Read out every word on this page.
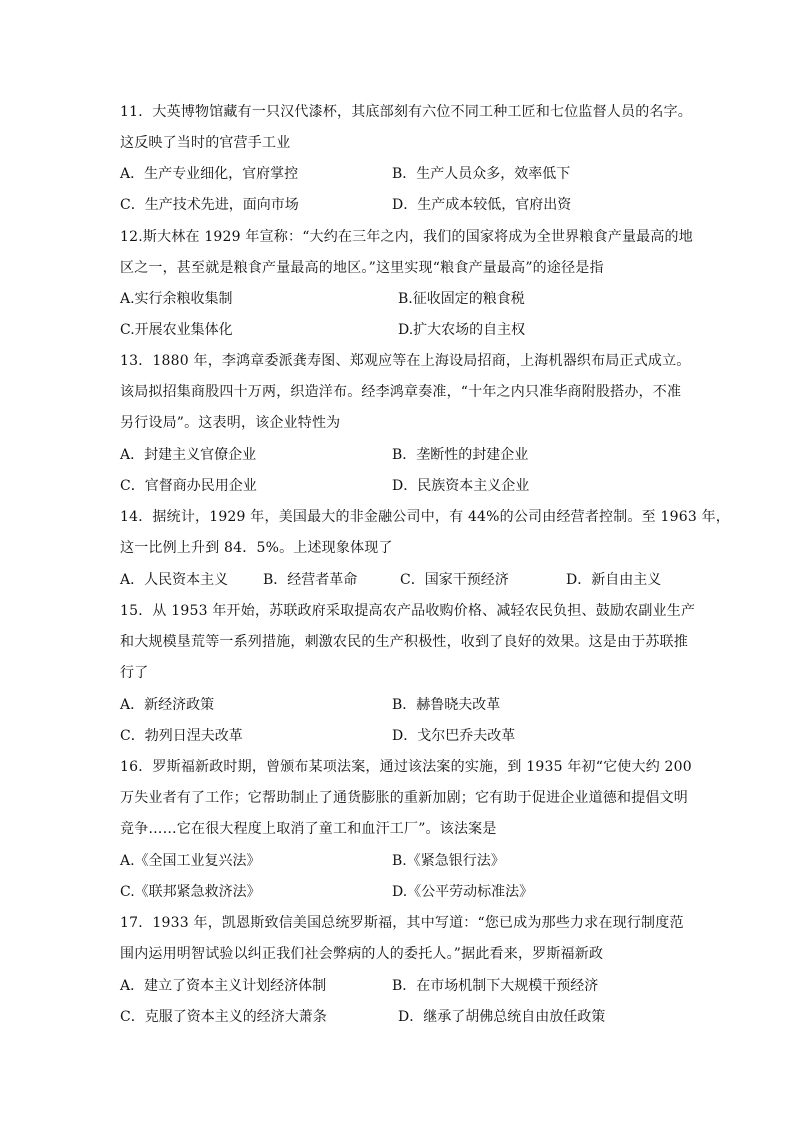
11．大英博物馆藏有一只汉代漆杯，其底部刻有六位不同工种工匠和七位监督人员的名字。
这反映了当时的官营手工业
A．生产专业细化，官府掌控	B．生产人员众多，效率低下
C．生产技术先进，面向市场	D．生产成本较低，官府出资
12.斯大林在 1929 年宣称：“大约在三年之内，我们的国家将成为全世界粮食产量最高的地
区之一，甚至就是粮食产量最高的地区。”这里实现“粮食产量最高”的途径是指
A.实行余粮收集制	B.征收固定的粮食税
C.开展农业集体化	D.扩大农场的自主权
13．1880 年，李鸿章委派龚寿图、郑观应等在上海设局招商，上海机器织布局正式成立。
该局拟招集商股四十万两，织造洋布。经李鸿章奏准，“十年之内只准华商附股搭办，不准
另行设局”。这表明，该企业特性为
A．封建主义官僚企业	B．垄断性的封建企业
C．官督商办民用企业	D．民族资本主义企业
14．据统计，1929 年，美国最大的非金融公司中，有 44%的公司由经营者控制。至 1963 年，
这一比例上升到 84．5%。上述现象体现了
A．人民资本主义 B．经营者革命	C．国家干预经济	D．新自由主义
15．从 1953 年开始，苏联政府采取提高农产品收购价格、减轻农民负担、鼓励农副业生产
和大规模垦荒等一系列措施，刺激农民的生产积极性，收到了良好的效果。这是由于苏联推
行了
A．新经济政策	B．赫鲁晓夫改革
C．勃列日涅夫改革	D．戈尔巴乔夫改革
16．罗斯福新政时期，曾颁布某项法案，通过该法案的实施，到 1935 年初“它使大约 200
万失业者有了工作；它帮助制止了通货膨胀的重新加剧；它有助于促进企业道德和提倡文明
竞争……它在很大程度上取消了童工和血汗工厂”。该法案是
A.《全国工业复兴法》	B.《紧急银行法》
C.《联邦紧急救济法》	D.《公平劳动标准法》
17．1933 年，凯恩斯致信美国总统罗斯福，其中写道：“您已成为那些力求在现行制度范
围内运用明智试验以纠正我们社会弊病的人的委托人。”据此看来，罗斯福新政
A．建立了资本主义计划经济体制	B．在市场机制下大规模干预经济
C．克服了资本主义的经济大萧条	D．继承了胡佛总统自由放任政策
